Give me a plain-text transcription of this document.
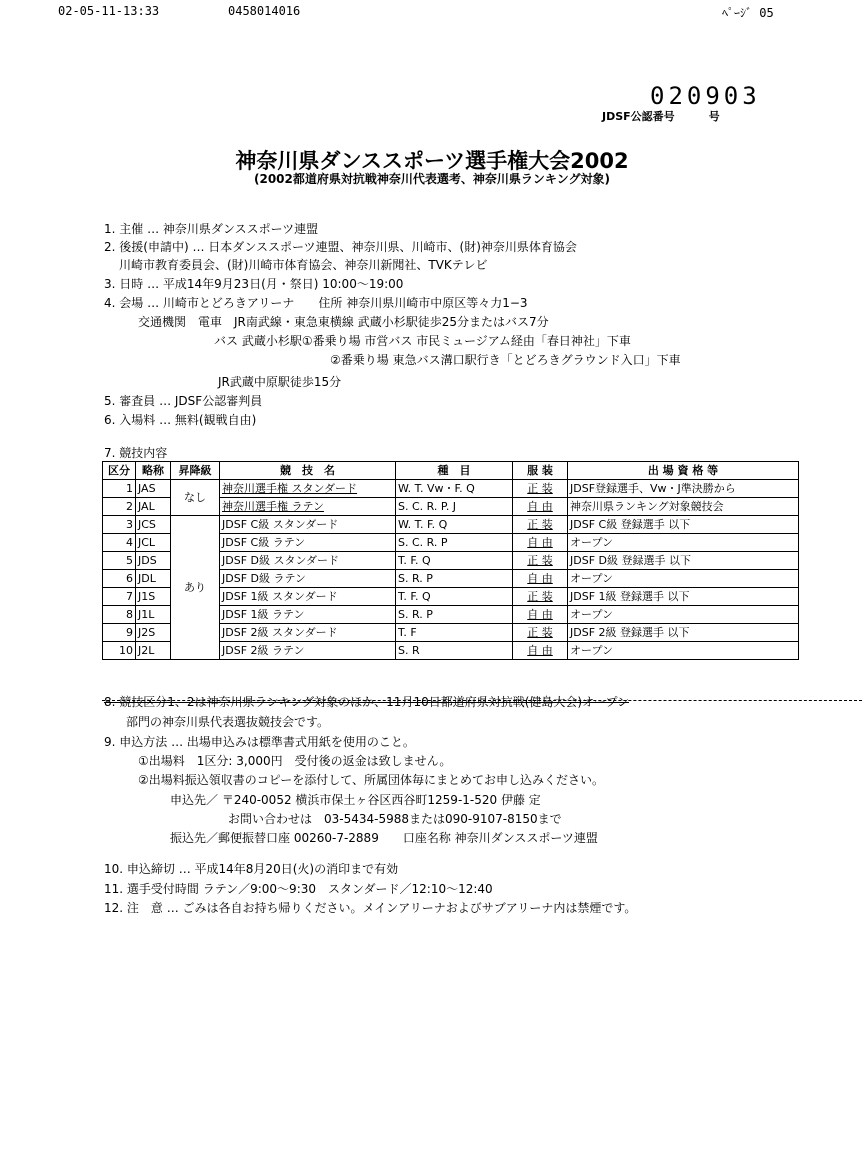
02-05-11-13:33	0458014016	ﾍﾟｰｼﾞ 05
020903
JDSF公認番号	号
神奈川県ダンススポーツ選手権大会2002
(2002都道府県対抗戦神奈川代表選考、神奈川県ランキング対象)
1. 主催 … 神奈川県ダンススポーツ連盟
2. 後援(申請中) … 日本ダンススポーツ連盟、神奈川県、川崎市、(財)神奈川県体育協会
川崎市教育委員会、(財)川崎市体育協会、神奈川新聞社、TVKテレビ
3. 日時 … 平成14年9月23日(月・祭日) 10:00〜19:00
4. 会場 … 川崎市とどろきアリーナ　　住所 神奈川県川崎市中原区等々力1−3
交通機関　電車　JR南武線・東急東横線 武蔵小杉駅徒歩25分またはバス7分
バス 武蔵小杉駅①番乗り場 市営バス 市民ミュージアム経由「春日神社」下車
②番乗り場 東急バス溝口駅行き「とどろきグラウンド入口」下車
JR武蔵中原駅徒歩15分
5. 審査員 … JDSF公認審判員
6. 入場料 … 無料(観戦自由)
7. 競技内容
区分	略称	昇降級	競　技　名	種　目	服 装	出 場 資 格 等
1	JAS	なし	神奈川選手権 スタンダード	W. T. Vw・F. Q	正 装	JDSF登録選手、Vw・J準決勝から
2	JAL		神奈川選手権 ラテン	S. C. R. P. J	自 由	神奈川県ランキング対象競技会
3	JCS	あり	JDSF C級 スタンダード	W. T. F. Q	正 装	JDSF C級 登録選手 以下
4	JCL		JDSF C級 ラテン	S. C. R. P	自 由	オープン
5	JDS		JDSF D級 スタンダード	T. F. Q	正 装	JDSF D級 登録選手 以下
6	JDL		JDSF D級 ラテン	S. R. P	自 由	オープン
7	J1S		JDSF 1級 スタンダード	T. F. Q	正 装	JDSF 1級 登録選手 以下
8	J1L		JDSF 1級 ラテン	S. R. P	自 由	オープン
9	J2S		JDSF 2級 スタンダード	T. F	正 装	JDSF 2級 登録選手 以下
10	J2L		JDSF 2級 ラテン	S. R	自 由	オープン
8. 競技区分1、2は神奈川県ランキング対象のほか、11月10日都道府県対抗戦(健島大会)オープン
部門の神奈川県代表選抜競技会です。
9. 申込方法 … 出場申込みは標準書式用紙を使用のこと。
①出場料　1区分: 3,000円　受付後の返金は致しません。
②出場料振込領収書のコピーを添付して、所属団体毎にまとめてお申し込みください。
申込先／ 〒240-0052 横浜市保土ヶ谷区西谷町1259-1-520 伊藤 定
お問い合わせは　03-5434-5988または090-9107-8150まで
振込先／郵便振替口座 00260-7-2889　　口座名称 神奈川ダンススポーツ連盟
10. 申込締切 … 平成14年8月20日(火)の消印まで有効
11. 選手受付時間 ラテン／9:00〜9:30　スタンダード／12:10〜12:40
12. 注　意 … ごみは各自お持ち帰りください。メインアリーナおよびサブアリーナ内は禁煙です。
